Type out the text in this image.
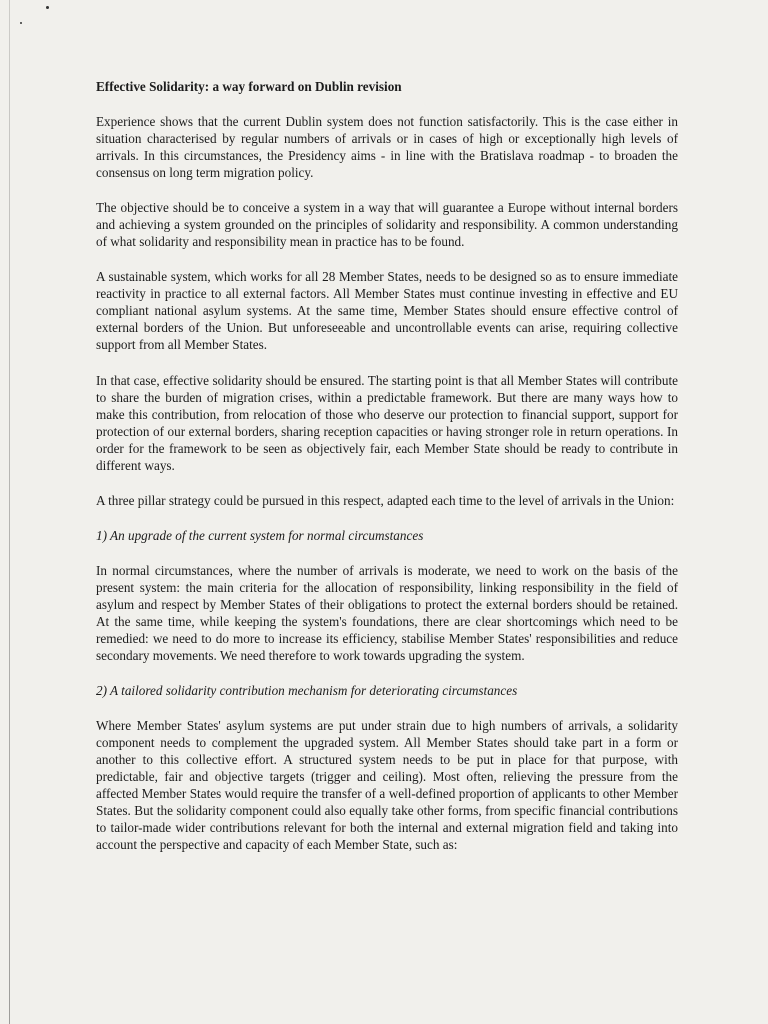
Effective Solidarity: a way forward on Dublin revision

Experience shows that the current Dublin system does not function satisfactorily. This is the case either in situation characterised by regular numbers of arrivals or in cases of high or exceptionally high levels of arrivals. In this circumstances, the Presidency aims - in line with the Bratislava roadmap - to broaden the consensus on long term migration policy.

The objective should be to conceive a system in a way that will guarantee a Europe without internal borders and achieving a system grounded on the principles of solidarity and responsibility. A common understanding of what solidarity and responsibility mean in practice has to be found.

A sustainable system, which works for all 28 Member States, needs to be designed so as to ensure immediate reactivity in practice to all external factors. All Member States must continue investing in effective and EU compliant national asylum systems. At the same time, Member States should ensure effective control of external borders of the Union. But unforeseeable and uncontrollable events can arise, requiring collective support from all Member States.

In that case, effective solidarity should be ensured. The starting point is that all Member States will contribute to share the burden of migration crises, within a predictable framework. But there are many ways how to make this contribution, from relocation of those who deserve our protection to financial support, support for protection of our external borders, sharing reception capacities or having stronger role in return operations. In order for the framework to be seen as objectively fair, each Member State should be ready to contribute in different ways.

A three pillar strategy could be pursued in this respect, adapted each time to the level of arrivals in the Union:

1) An upgrade of the current system for normal circumstances

In normal circumstances, where the number of arrivals is moderate, we need to work on the basis of the present system: the main criteria for the allocation of responsibility, linking responsibility in the field of asylum and respect by Member States of their obligations to protect the external borders should be retained. At the same time, while keeping the system's foundations, there are clear shortcomings which need to be remedied: we need to do more to increase its efficiency, stabilise Member States' responsibilities and reduce secondary movements. We need therefore to work towards upgrading the system.

2) A tailored solidarity contribution mechanism for deteriorating circumstances

Where Member States' asylum systems are put under strain due to high numbers of arrivals, a solidarity component needs to complement the upgraded system. All Member States should take part in a form or another to this collective effort. A structured system needs to be put in place for that purpose, with predictable, fair and objective targets (trigger and ceiling). Most often, relieving the pressure from the affected Member States would require the transfer of a well-defined proportion of applicants to other Member States. But the solidarity component could also equally take other forms, from specific financial contributions to tailor-made wider contributions relevant for both the internal and external migration field and taking into account the perspective and capacity of each Member State, such as:
